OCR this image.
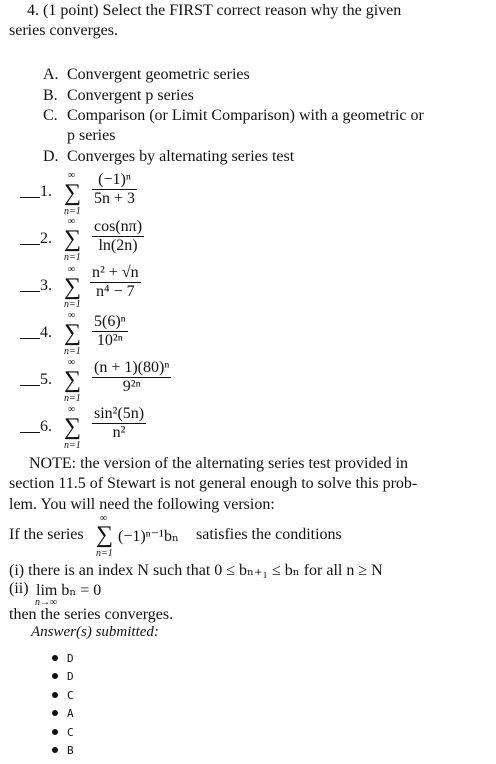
4. (1 point) Select the FIRST correct reason why the given
series converges.
A. Convergent geometric series
B. Convergent p series
C. Comparison (or Limit Comparison) with a geometric or
p series
D. Converges by alternating series test
1.
∞
∑
n=1
$\frac{\text{(−1)ⁿ}}{5n + 3}$
2.
∞
∑
n=1
$\frac{\cos(n\pi)}{\ln(2n)}$
3.
∞
∑
n=1
$\frac{\text{n² + √n}}{\text{n⁴ − 7}}$
4.
∞
∑
n=1
$\frac{\text{5(6)ⁿ}}{\text{10²ⁿ}}$
5.
∞
∑
n=1
$\frac{\text{(n + 1)(80)ⁿ}}{\text{9²ⁿ}}$
6.
∞
∑
n=1
$\frac{\text{sin²(5n)}}{\text{n²}}$
NOTE: the version of the alternating series test provided in
section 11.5 of Stewart is not general enough to solve this prob-
lem. You will need the following version:
If the series
∞
∑
n=1
(−1)ⁿ⁻¹bₙ satisfies the conditions
(i) there is an index N such that 0 ≤ bₙ₊₁ ≤ bₙ for all n ≥ N
(ii) lim bₙ = 0
n→∞
then the series converges.
Answer(s) submitted:
D
D
C
A
C
B
